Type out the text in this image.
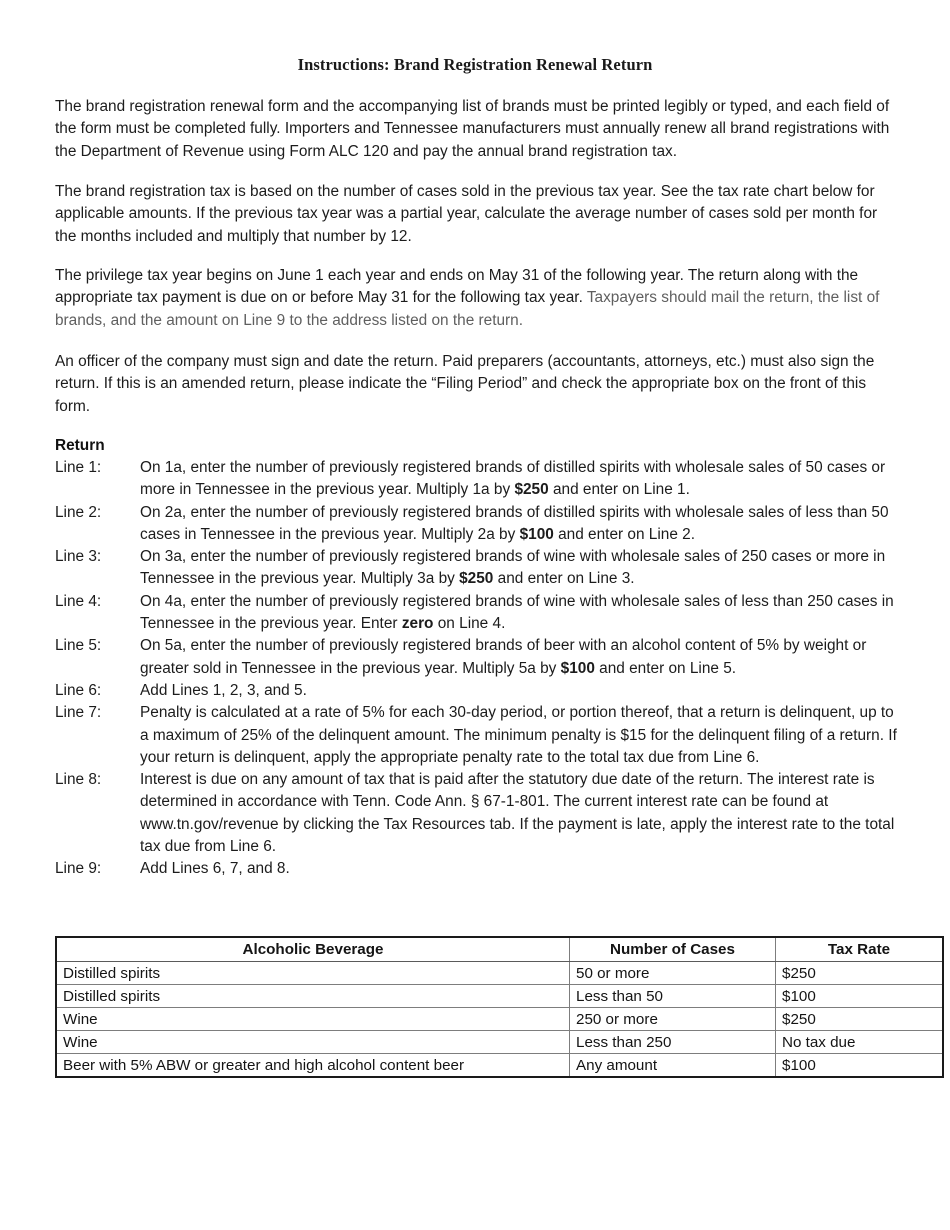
Instructions: Brand Registration Renewal Return
The brand registration renewal form and the accompanying list of brands must be printed legibly or typed, and each field of the form must be completed fully. Importers and Tennessee manufacturers must annually renew all brand registrations with the Department of Revenue using Form ALC 120 and pay the annual brand registration tax.
The brand registration tax is based on the number of cases sold in the previous tax year. See the tax rate chart below for applicable amounts. If the previous tax year was a partial year, calculate the average number of cases sold per month for the months included and multiply that number by 12.
The privilege tax year begins on June 1 each year and ends on May 31 of the following year. The return along with the appropriate tax payment is due on or before May 31 for the following tax year. Taxpayers should mail the return, the list of brands, and the amount on Line 9 to the address listed on the return.
An officer of the company must sign and date the return. Paid preparers (accountants, attorneys, etc.) must also sign the return. If this is an amended return, please indicate the “Filing Period” and check the appropriate box on the front of this form.
Return
Line 1:	On 1a, enter the number of previously registered brands of distilled spirits with wholesale sales of 50 cases or more in Tennessee in the previous year. Multiply 1a by $250 and enter on Line 1.
Line 2:	On 2a, enter the number of previously registered brands of distilled spirits with wholesale sales of less than 50 cases in Tennessee in the previous year. Multiply 2a by $100 and enter on Line 2.
Line 3:	On 3a, enter the number of previously registered brands of wine with wholesale sales of 250 cases or more in Tennessee in the previous year. Multiply 3a by $250 and enter on Line 3.
Line 4:	On 4a, enter the number of previously registered brands of wine with wholesale sales of less than 250 cases in Tennessee in the previous year. Enter zero on Line 4.
Line 5:	On 5a, enter the number of previously registered brands of beer with an alcohol content of 5% by weight or greater sold in Tennessee in the previous year. Multiply 5a by $100 and enter on Line 5.
Line 6:	Add Lines 1, 2, 3, and 5.
Line 7:	Penalty is calculated at a rate of 5% for each 30-day period, or portion thereof, that a return is delinquent, up to a maximum of 25% of the delinquent amount. The minimum penalty is $15 for the delinquent filing of a return. If your return is delinquent, apply the appropriate penalty rate to the total tax due from Line 6.
Line 8:	Interest is due on any amount of tax that is paid after the statutory due date of the return. The interest rate is determined in accordance with Tenn. Code Ann. § 67-1-801. The current interest rate can be found at www.tn.gov/revenue by clicking the Tax Resources tab. If the payment is late, apply the interest rate to the total tax due from Line 6.
Line 9:	Add Lines 6, 7, and 8.
Alcoholic Beverage	Number of Cases	Tax Rate
Distilled spirits	50 or more	$250
Distilled spirits	Less than 50	$100
Wine	250 or more	$250
Wine	Less than 250	No tax due
Beer with 5% ABW or greater and high alcohol content beer	Any amount	$100
